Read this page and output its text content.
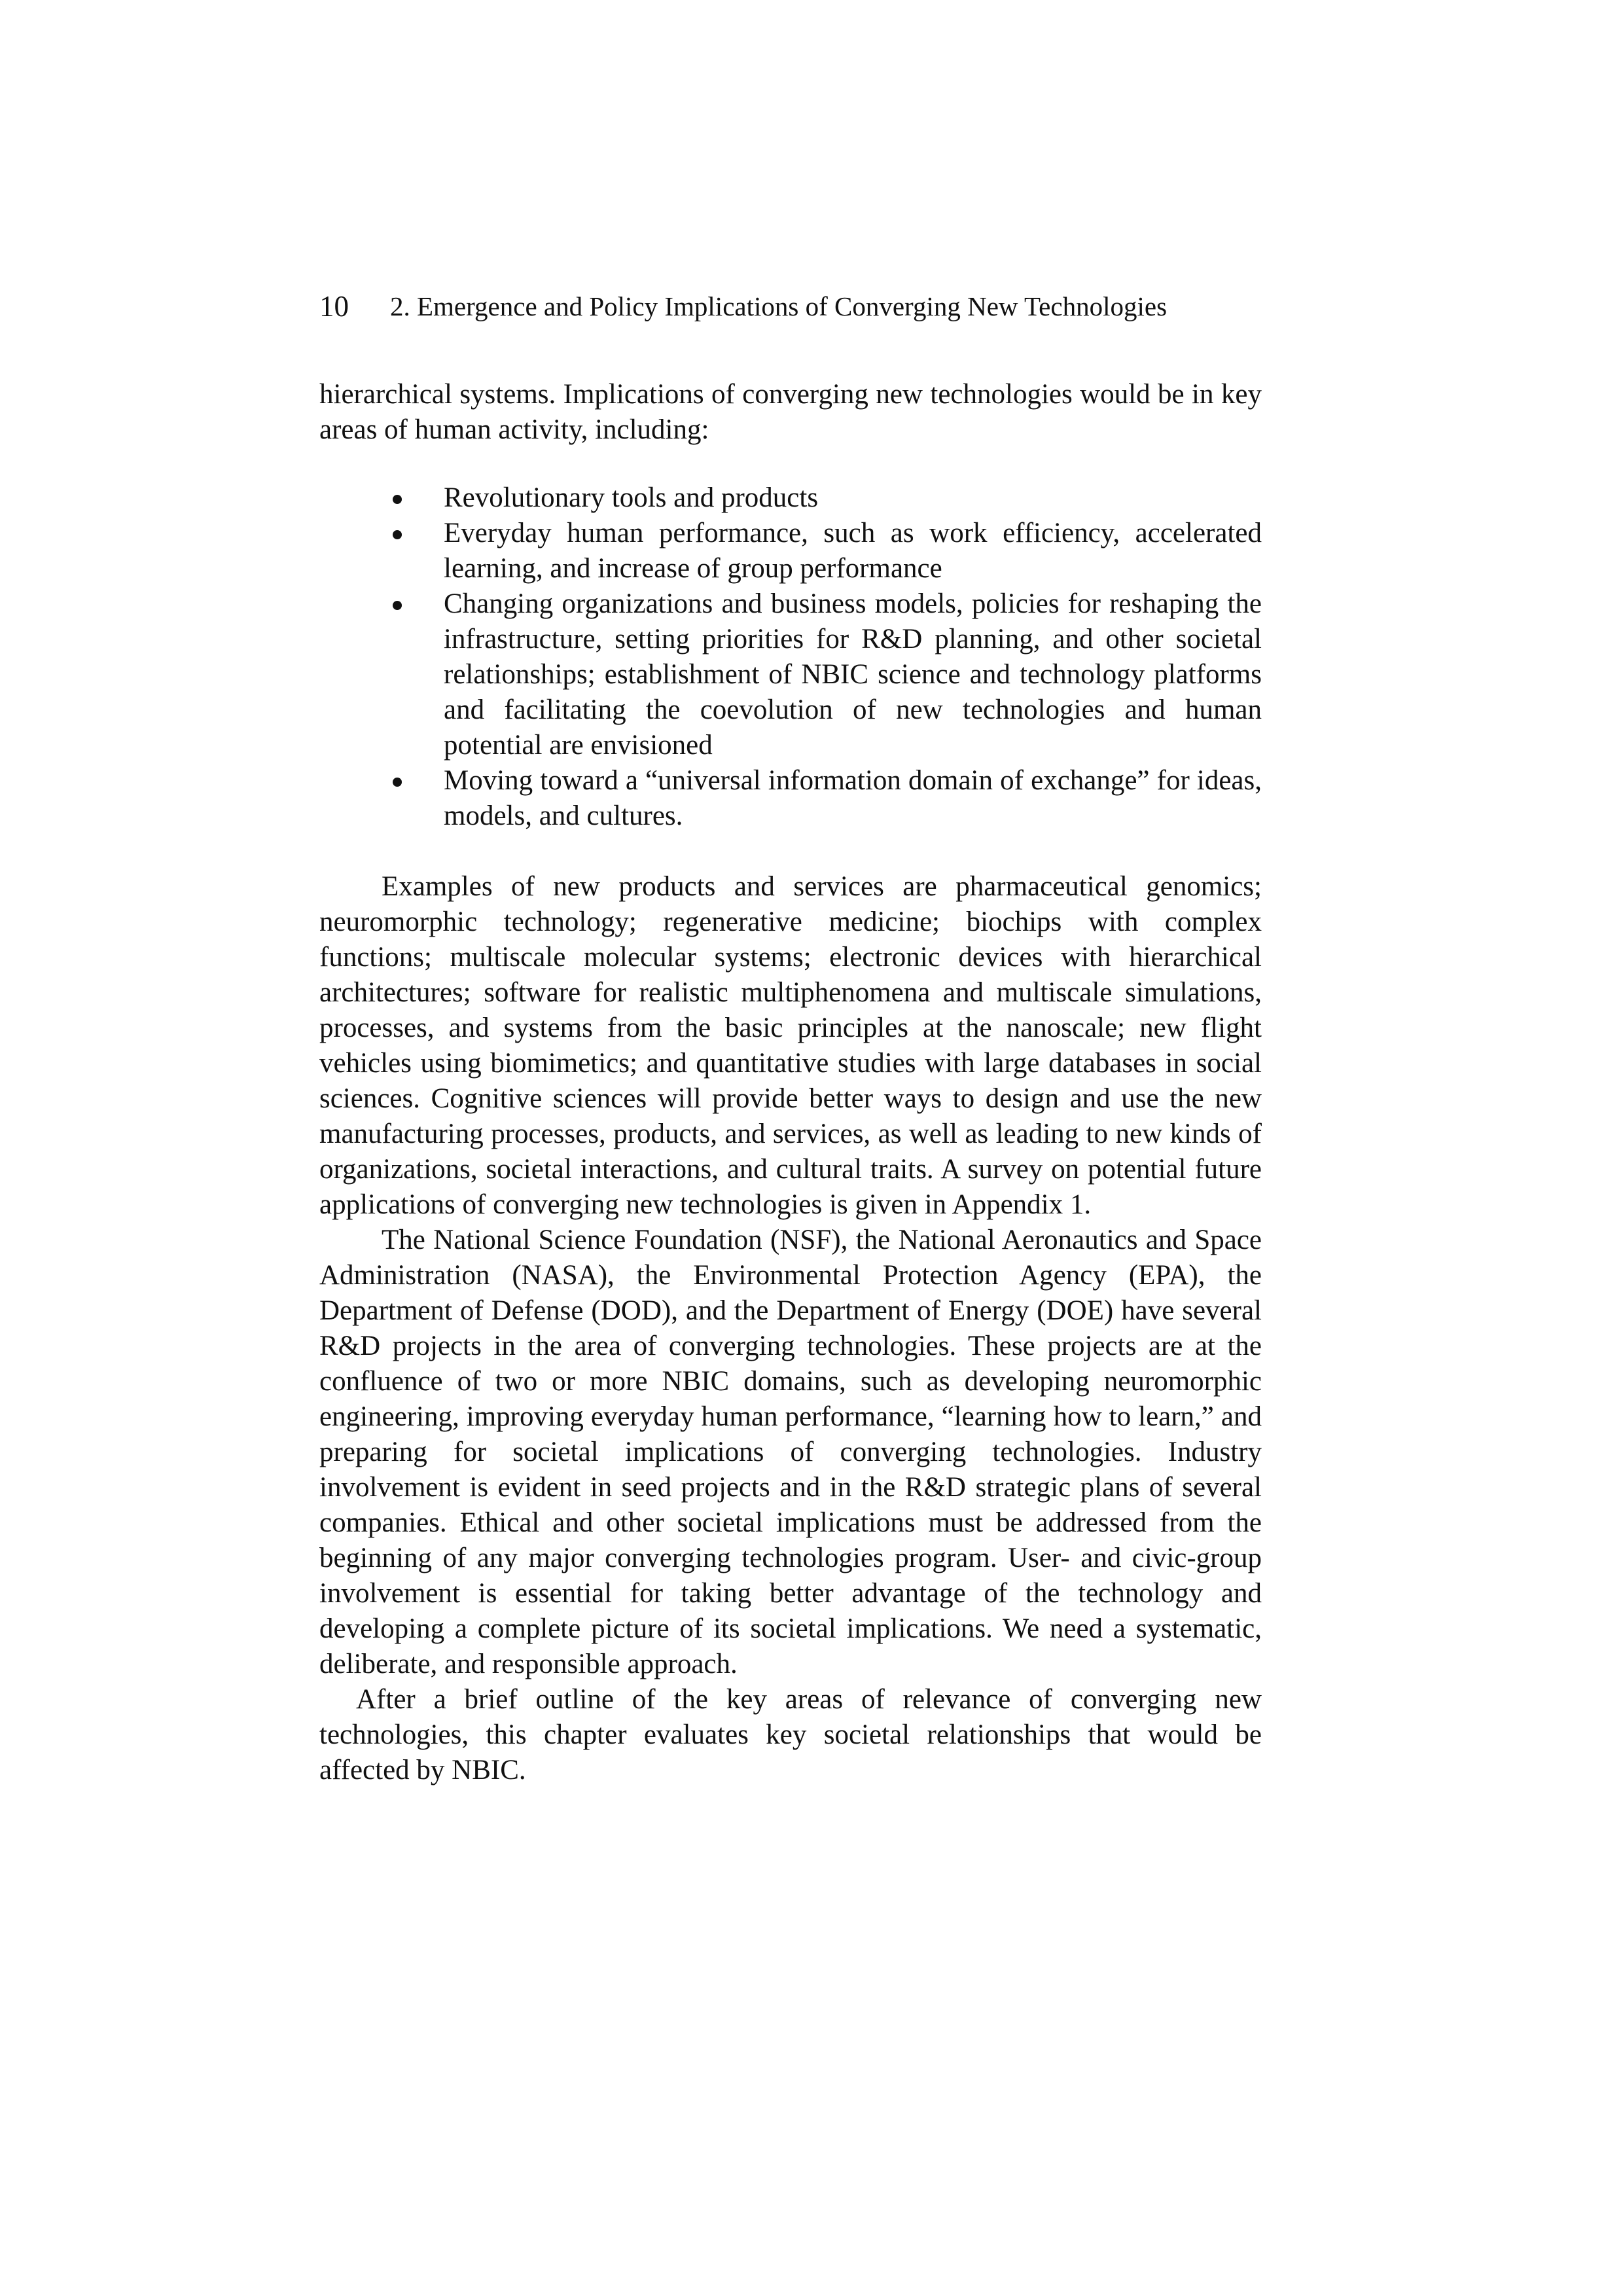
10 2. Emergence and Policy Implications of Converging New Technologies

hierarchical systems. Implications of converging new technologies would be in key areas of human activity, including:

Revolutionary tools and products
Everyday human performance, such as work efficiency, accelerated learning, and increase of group performance
Changing organizations and business models, policies for reshaping the infrastructure, setting priorities for R&D planning, and other societal relationships; establishment of NBIC science and technology platforms and facilitating the coevolution of new technologies and human potential are envisioned
Moving toward a “universal information domain of exchange” for ideas, models, and cultures.

Examples of new products and services are pharmaceutical genomics; neuromorphic technology; regenerative medicine; biochips with complex functions; multiscale molecular systems; electronic devices with hierarchical architectures; software for realistic multiphenomena and multiscale simulations, processes, and systems from the basic principles at the nanoscale; new flight vehicles using biomimetics; and quantitative studies with large databases in social sciences. Cognitive sciences will provide better ways to design and use the new manufacturing processes, products, and services, as well as leading to new kinds of organizations, societal interactions, and cultural traits. A survey on potential future applications of converging new technologies is given in Appendix 1.

The National Science Foundation (NSF), the National Aeronautics and Space Administration (NASA), the Environmental Protection Agency (EPA), the Department of Defense (DOD), and the Department of Energy (DOE) have several R&D projects in the area of converging technologies. These projects are at the confluence of two or more NBIC domains, such as developing neuromorphic engineering, improving everyday human performance, “learning how to learn,” and preparing for societal implications of converging technologies. Industry involvement is evident in seed projects and in the R&D strategic plans of several companies. Ethical and other societal implications must be addressed from the beginning of any major converging technologies program. User- and civic-group involvement is essential for taking better advantage of the technology and developing a complete picture of its societal implications. We need a systematic, deliberate, and responsible approach.

After a brief outline of the key areas of relevance of converging new technologies, this chapter evaluates key societal relationships that would be affected by NBIC.
